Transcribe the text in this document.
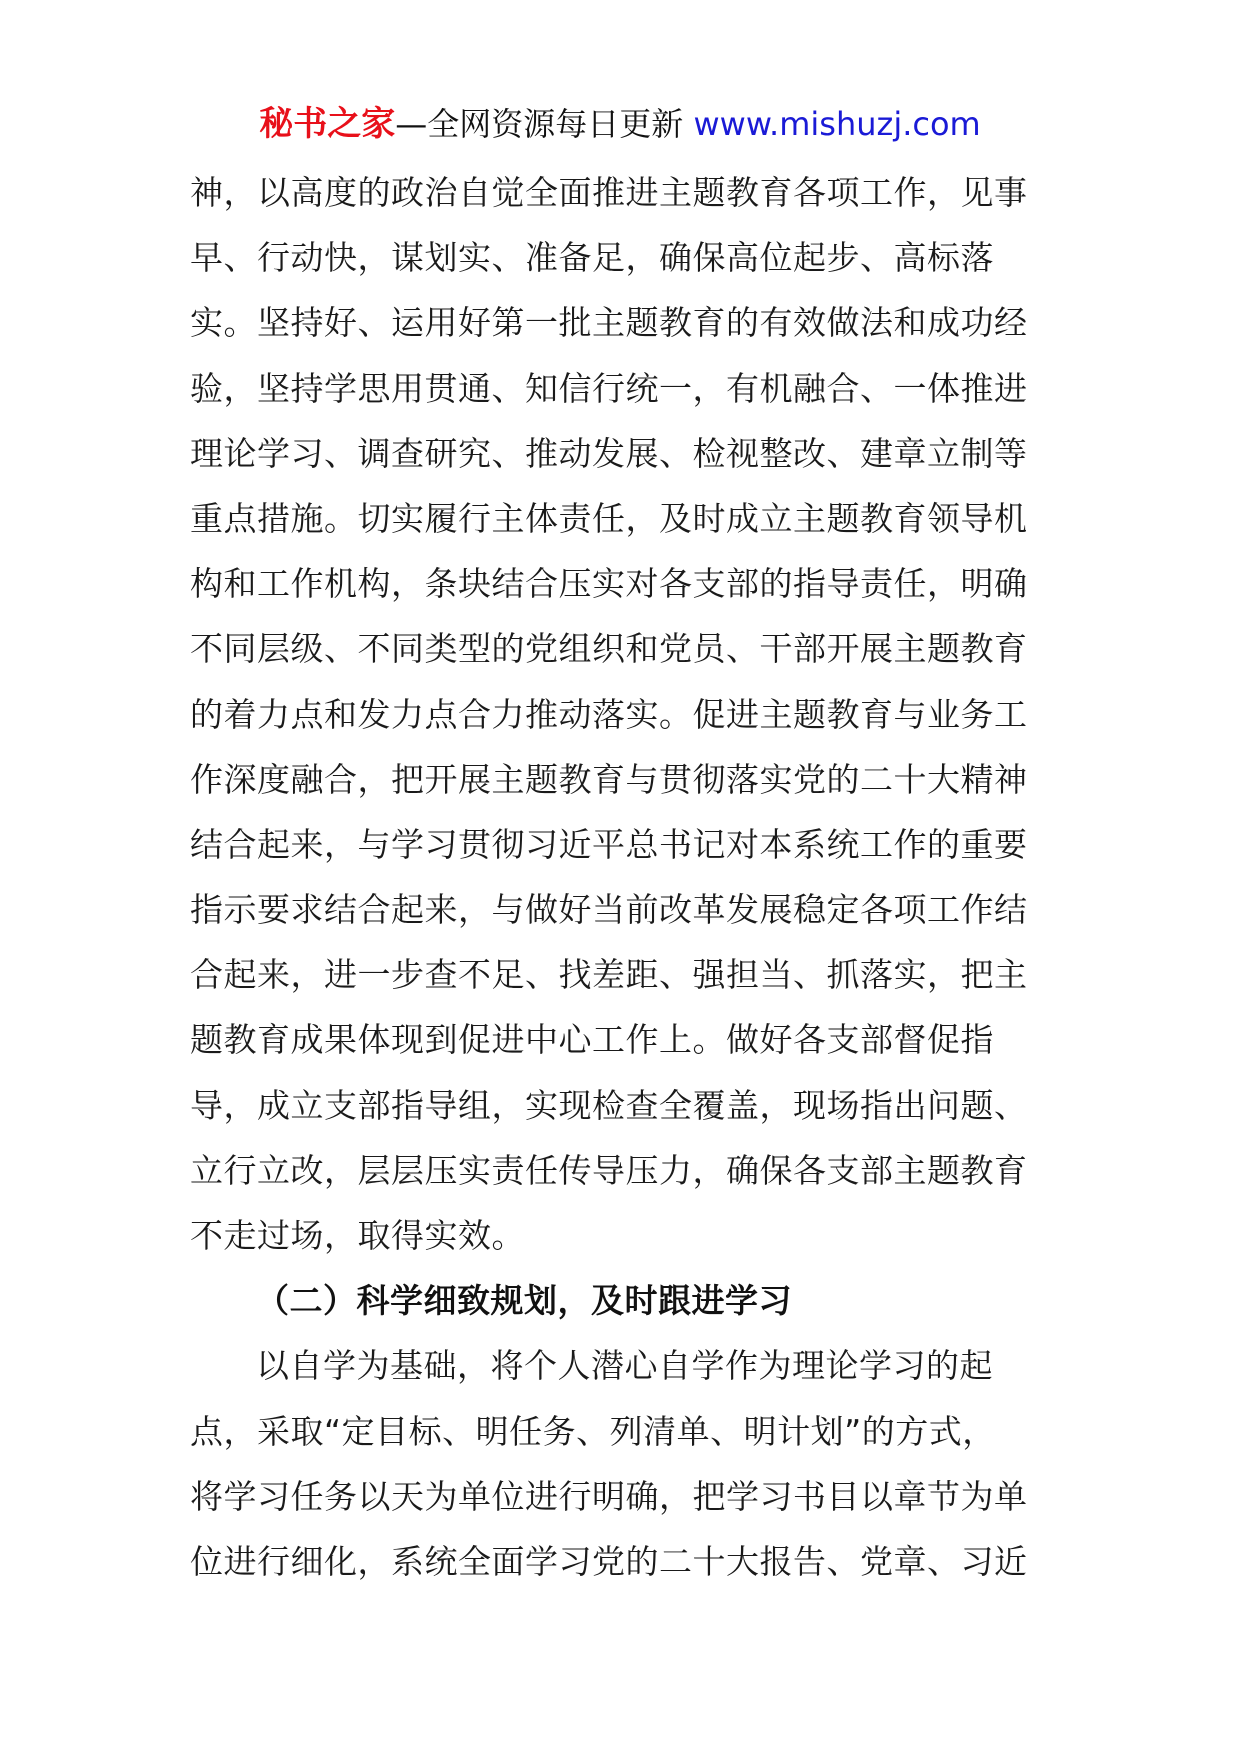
秘书之家—全网资源每日更新 www.mishuzj.com
神，以高度的政治自觉全面推进主题教育各项工作，见事
早、行动快，谋划实、准备足，确保高位起步、高标落
实。坚持好、运用好第一批主题教育的有效做法和成功经
验，坚持学思用贯通、知信行统一，有机融合、一体推进
理论学习、调查研究、推动发展、检视整改、建章立制等
重点措施。切实履行主体责任，及时成立主题教育领导机
构和工作机构，条块结合压实对各支部的指导责任，明确
不同层级、不同类型的党组织和党员、干部开展主题教育
的着力点和发力点合力推动落实。促进主题教育与业务工
作深度融合，把开展主题教育与贯彻落实党的二十大精神
结合起来，与学习贯彻习近平总书记对本系统工作的重要
指示要求结合起来，与做好当前改革发展稳定各项工作结
合起来，进一步查不足、找差距、强担当、抓落实，把主
题教育成果体现到促进中心工作上。做好各支部督促指
导，成立支部指导组，实现检查全覆盖，现场指出问题、
立行立改，层层压实责任传导压力，确保各支部主题教育
不走过场，取得实效。
（二）科学细致规划，及时跟进学习
以自学为基础，将个人潜心自学作为理论学习的起
点，采取“定目标、明任务、列清单、明计划”的方式，
将学习任务以天为单位进行明确，把学习书目以章节为单
位进行细化，系统全面学习党的二十大报告、党章、习近
